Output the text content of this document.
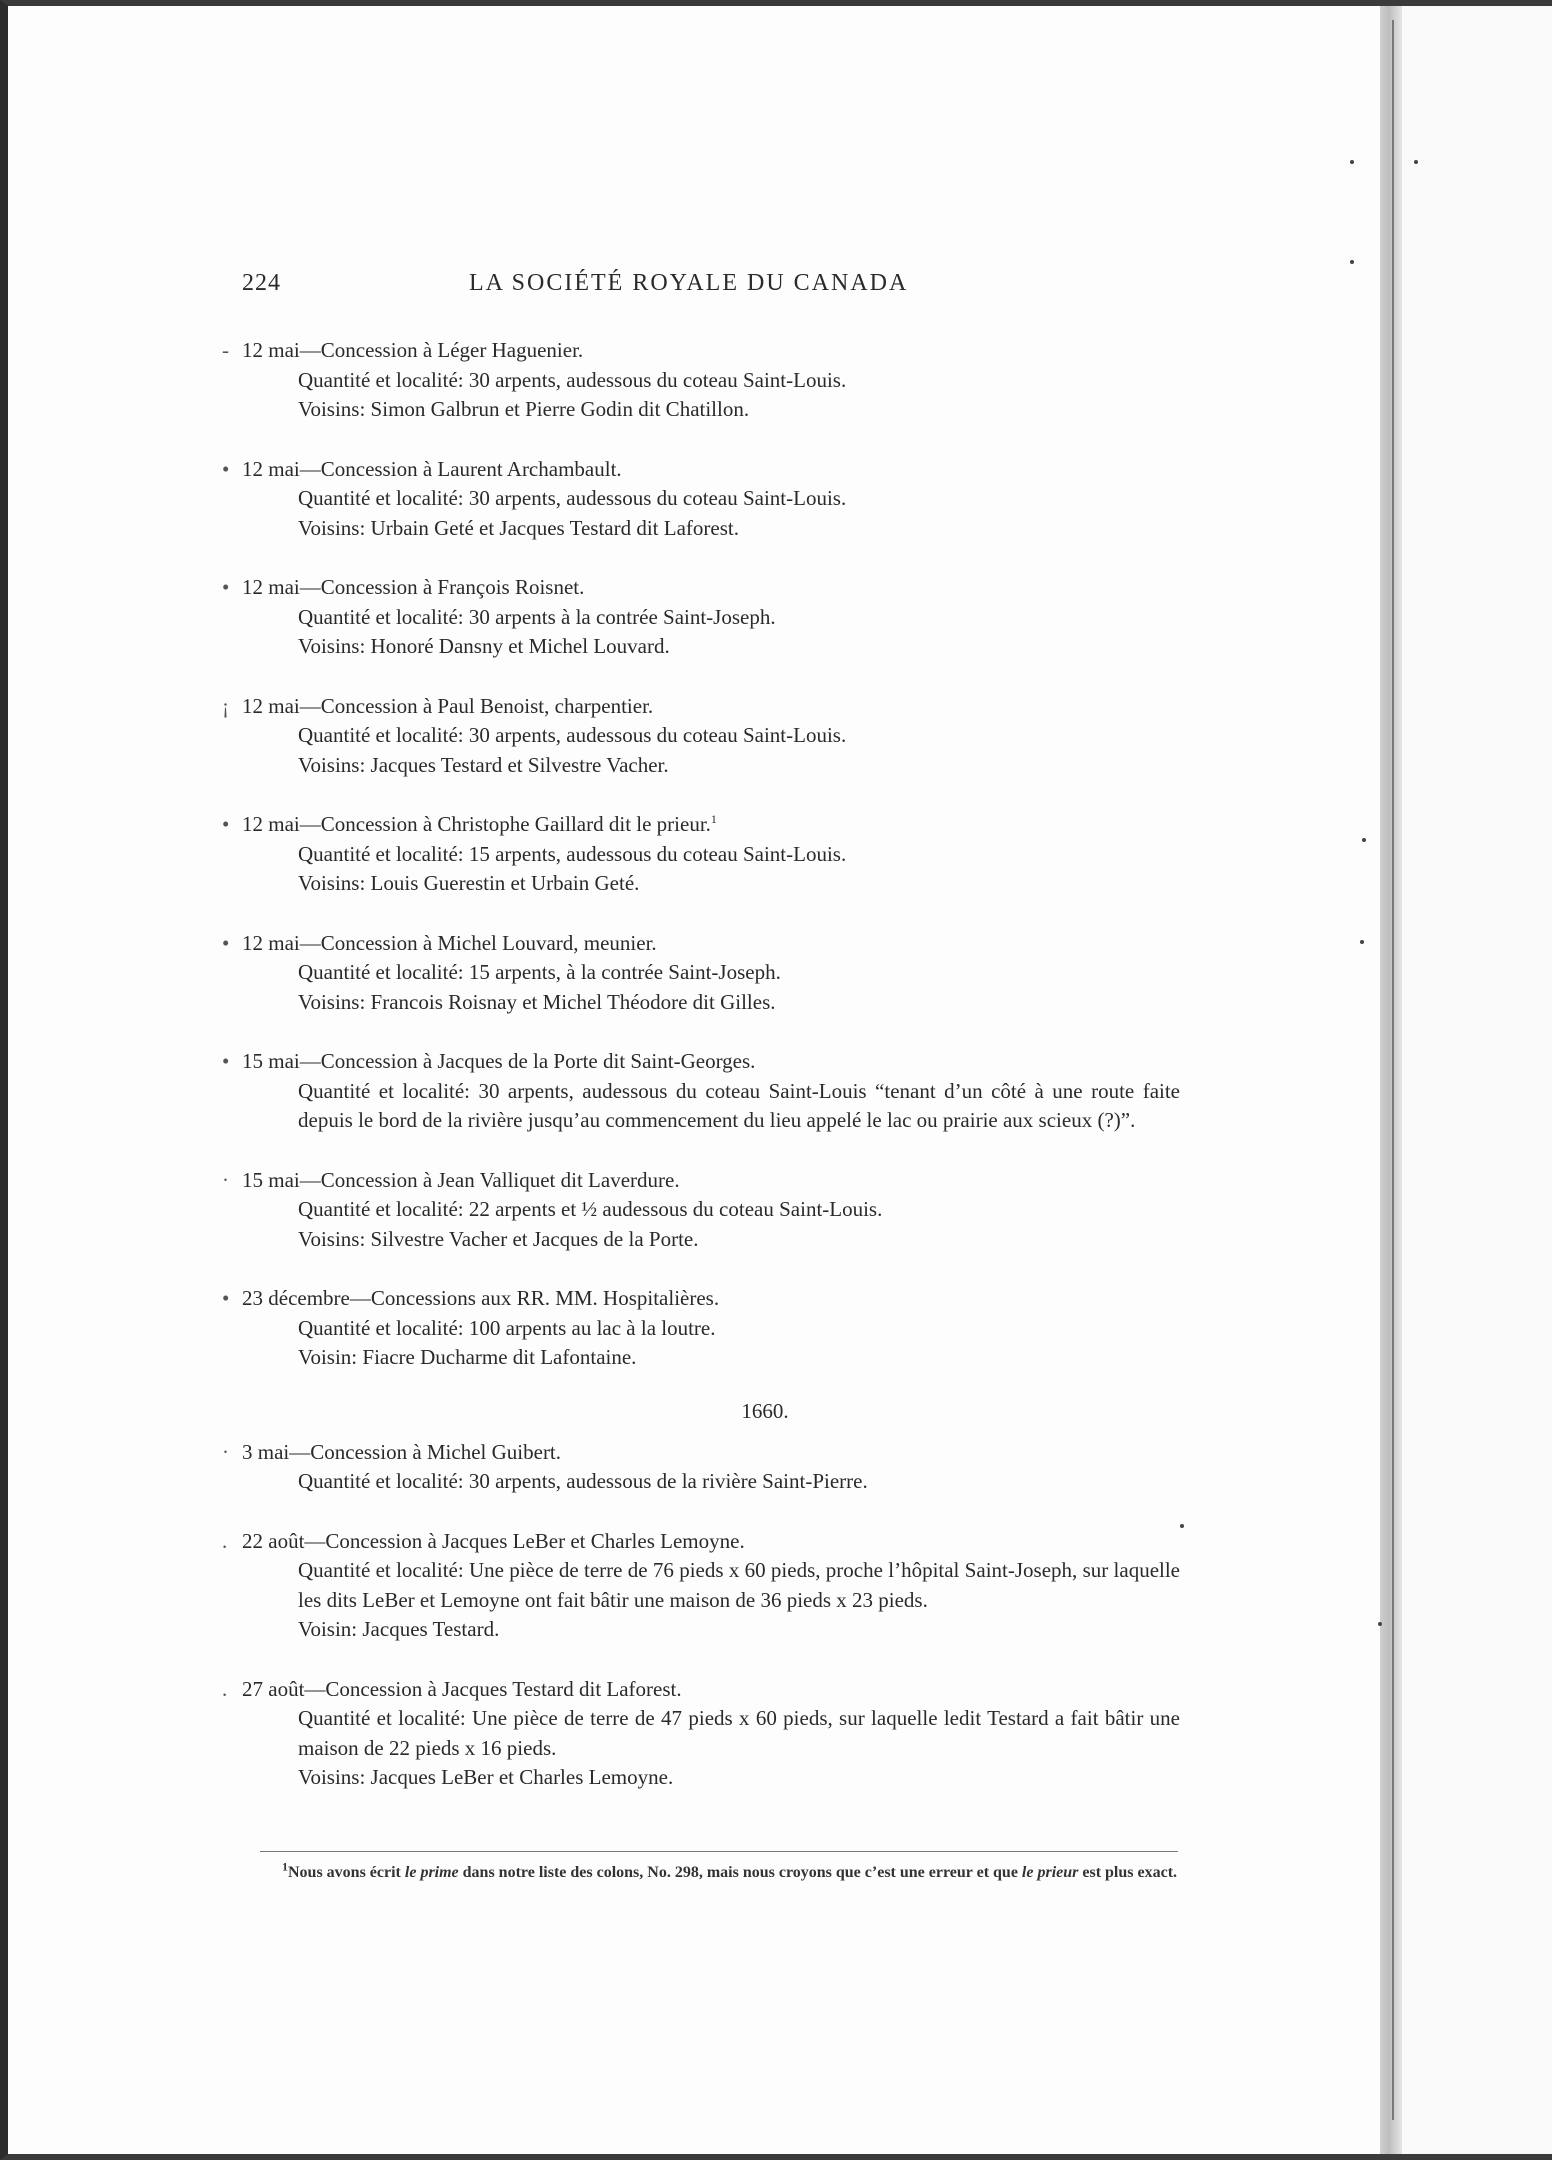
224	LA SOCIÉTÉ ROYALE DU CANADA
- 12 mai—Concession à Léger Haguenier.
Quantité et localité: 30 arpents, audessous du coteau Saint-Louis.
Voisins: Simon Galbrun et Pierre Godin dit Chatillon.
• 12 mai—Concession à Laurent Archambault.
Quantité et localité: 30 arpents, audessous du coteau Saint-Louis.
Voisins: Urbain Geté et Jacques Testard dit Laforest.
• 12 mai—Concession à François Roisnet.
Quantité et localité: 30 arpents à la contrée Saint-Joseph.
Voisins: Honoré Dansny et Michel Louvard.
¡ 12 mai—Concession à Paul Benoist, charpentier.
Quantité et localité: 30 arpents, audessous du coteau Saint-Louis.
Voisins: Jacques Testard et Silvestre Vacher.
• 12 mai—Concession à Christophe Gaillard dit le prieur.$^1$
Quantité et localité: 15 arpents, audessous du coteau Saint-Louis.
Voisins: Louis Guerestin et Urbain Geté.
• 12 mai—Concession à Michel Louvard, meunier.
Quantité et localité: 15 arpents, à la contrée Saint-Joseph.
Voisins: Francois Roisnay et Michel Théodore dit Gilles.
• 15 mai—Concession à Jacques de la Porte dit Saint-Georges.
Quantité et localité: 30 arpents, audessous du coteau Saint-Louis “tenant d’un côté à une route faite depuis le bord de la rivière jusqu’au commencement du lieu appelé le lac ou prairie aux scieux (?)”.
· 15 mai—Concession à Jean Valliquet dit Laverdure.
Quantité et localité: 22 arpents et ½ audessous du coteau Saint-Louis.
Voisins: Silvestre Vacher et Jacques de la Porte.
• 23 décembre—Concessions aux RR. MM. Hospitalières.
Quantité et localité: 100 arpents au lac à la loutre.
Voisin: Fiacre Ducharme dit Lafontaine.
1660.
· 3 mai—Concession à Michel Guibert.
Quantité et localité: 30 arpents, audessous de la rivière Saint-Pierre.
. 22 août—Concession à Jacques LeBer et Charles Lemoyne.
Quantité et localité: Une pièce de terre de 76 pieds x 60 pieds, proche l’hôpital Saint-Joseph, sur laquelle les dits LeBer et Lemoyne ont fait bâtir une maison de 36 pieds x 23 pieds.
Voisin: Jacques Testard.
. 27 août—Concession à Jacques Testard dit Laforest.
Quantité et localité: Une pièce de terre de 47 pieds x 60 pieds, sur laquelle ledit Testard a fait bâtir une maison de 22 pieds x 16 pieds.
Voisins: Jacques LeBer et Charles Lemoyne.
$^1$Nous avons écrit le prime dans notre liste des colons, No. 298, mais nous croyons que c’est une erreur et que le prieur est plus exact.
